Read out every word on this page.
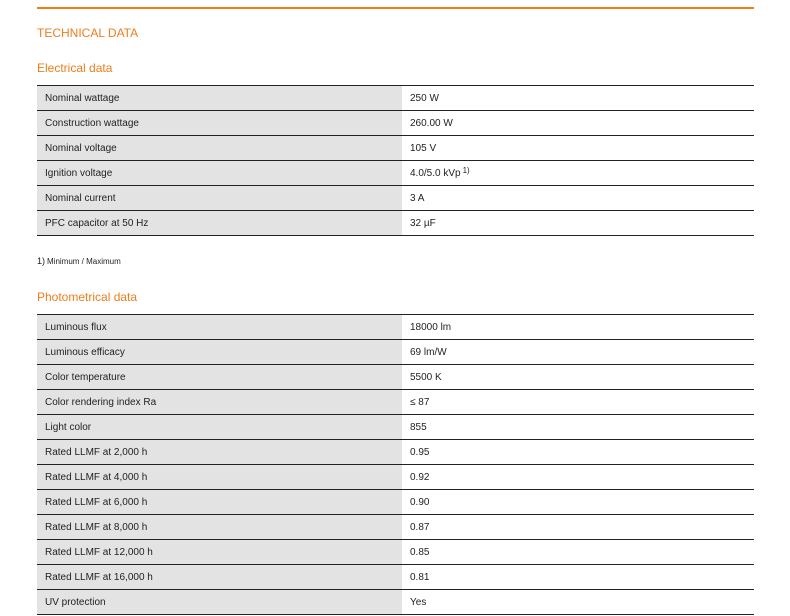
TECHNICAL DATA
Electrical data
Nominal wattage	250 W
Construction wattage	260.00 W
Nominal voltage	105 V
Ignition voltage	4.0/5.0 kVp $^{1)}$
Nominal current	3 A
PFC capacitor at 50 Hz	32 µF
1) Minimum / Maximum
Photometrical data
Luminous flux	18000 lm
Luminous efficacy	69 lm/W
Color temperature	5500 K
Color rendering index Ra	≤ 87
Light color	855
Rated LLMF at 2,000 h	0.95
Rated LLMF at 4,000 h	0.92
Rated LLMF at 6,000 h	0.90
Rated LLMF at 8,000 h	0.87
Rated LLMF at 12,000 h	0.85
Rated LLMF at 16,000 h	0.81
UV protection	Yes
